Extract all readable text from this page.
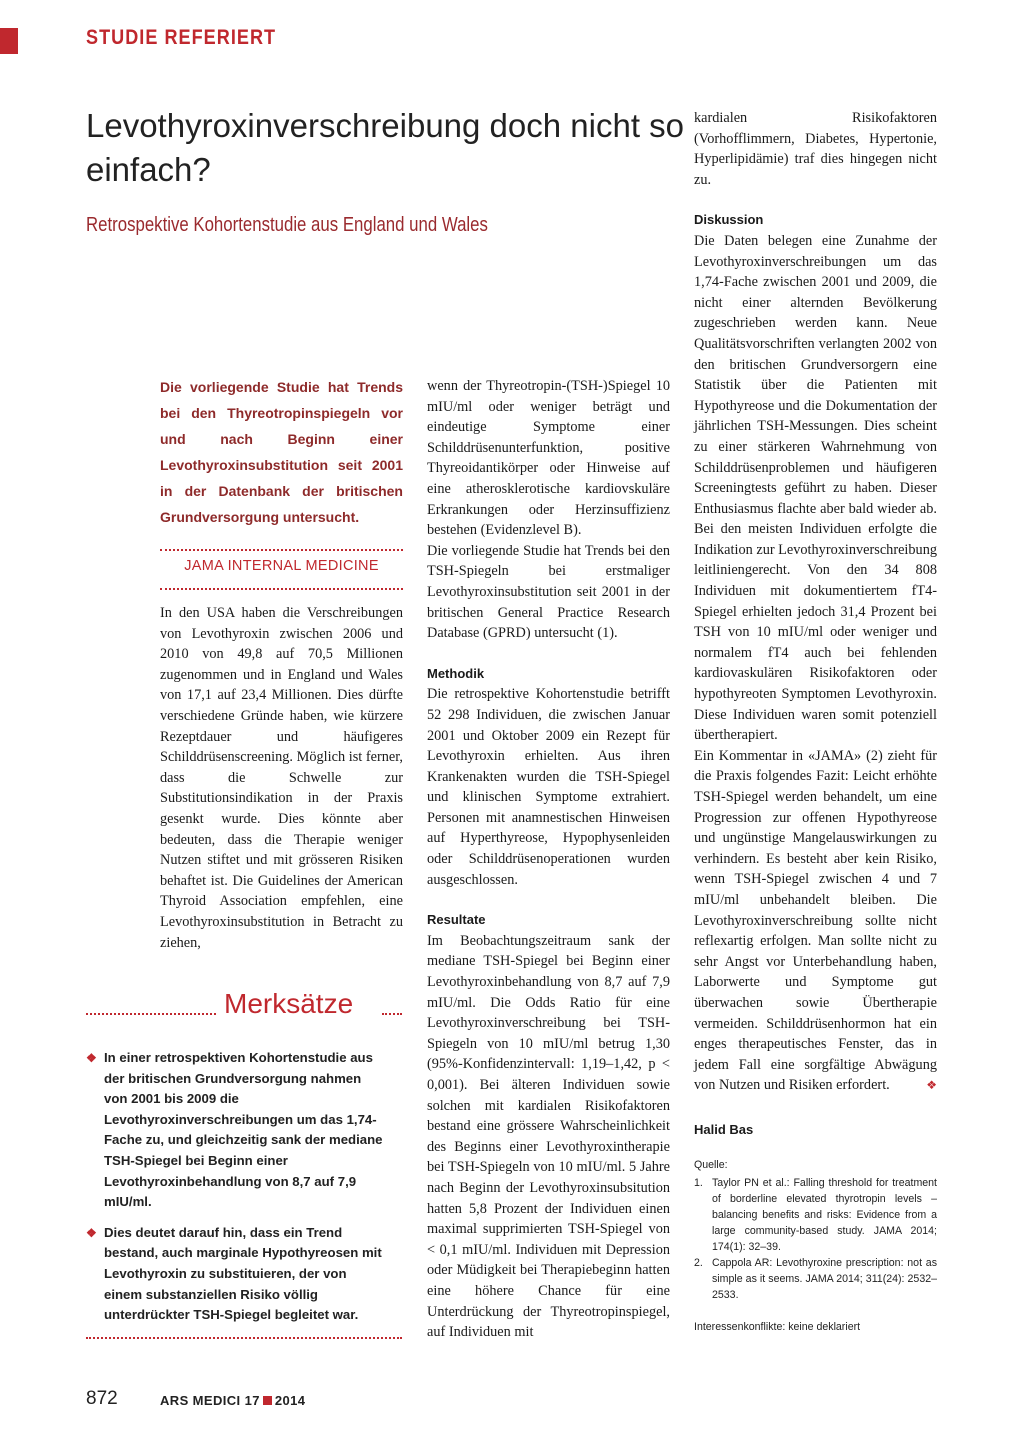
STUDIE REFERIERT
Levothyroxinverschreibung doch nicht so einfach?
Retrospektive Kohortenstudie aus England und Wales
Die vorliegende Studie hat Trends bei den Thyreotropinspiegeln vor und nach Beginn einer Levothyroxinsubstitution seit 2001 in der Datenbank der britischen Grundversorgung untersucht.
JAMA INTERNAL MEDICINE

In den USA haben die Verschreibungen von Levothyroxin zwischen 2006 und 2010 von 49,8 auf 70,5 Millionen zugenommen und in England und Wales von 17,1 auf 23,4 Millionen. Dies dürfte verschiedene Gründe haben, wie kürzere Rezeptdauer und häufigeres Schilddrüsenscreening. Möglich ist ferner, dass die Schwelle zur Substitutionsindikation in der Praxis gesenkt wurde. Dies könnte aber bedeuten, dass die Therapie weniger Nutzen stiftet und mit grösseren Risiken behaftet ist. Die Guidelines der American Thyroid Association empfehlen, eine Levothyroxinsubstitution in Betracht zu ziehen,

wenn der Thyreotropin-(TSH-)Spiegel 10 mIU/ml oder weniger beträgt und eindeutige Symptome einer Schilddrüsenunterfunktion, positive Thyreoidantikörper oder Hinweise auf eine atherosklerotische kardiovskuläre Erkrankungen oder Herzinsuffizienz bestehen (Evidenzlevel B).

Die vorliegende Studie hat Trends bei den TSH-Spiegeln bei erstmaliger Levothyroxinsubstitution seit 2001 in der britischen General Practice Research Database (GPRD) untersucht (1).

Methodik

Die retrospektive Kohortenstudie betrifft 52 298 Individuen, die zwischen Januar 2001 und Oktober 2009 ein Rezept für Levothyroxin erhielten. Aus ihren Krankenakten wurden die TSH-Spiegel und klinischen Symptome extrahiert. Personen mit anamnestischen Hinweisen auf Hyperthyreose, Hypophysenleiden oder Schilddrüsenoperationen wurden ausgeschlossen.

Resultate

Im Beobachtungszeitraum sank der mediane TSH-Spiegel bei Beginn einer Levothyroxinbehandlung von 8,7 auf 7,9 mIU/ml. Die Odds Ratio für eine Levothyroxinverschreibung bei TSH-Spiegeln von 10 mIU/ml betrug 1,30 (95%-Konfidenzintervall: 1,19–1,42, p < 0,001). Bei älteren Individuen sowie solchen mit kardialen Risikofaktoren bestand eine grössere Wahrscheinlichkeit des Beginns einer Levothyroxintherapie bei TSH-Spiegeln von 10 mIU/ml. 5 Jahre nach Beginn der Levothyroxinsubsitution hatten 5,8 Prozent der Individuen einen maximal supprimierten TSH-Spiegel von < 0,1 mIU/ml. Individuen mit Depression oder Müdigkeit bei Therapiebeginn hatten eine höhere Chance für eine Unterdrückung der Thyreotropinspiegel, auf Individuen mit

kardialen Risikofaktoren (Vorhofflimmern, Diabetes, Hypertonie, Hyperlipidämie) traf dies hingegen nicht zu.

Diskussion

Die Daten belegen eine Zunahme der Levothyroxinverschreibungen um das 1,74-Fache zwischen 2001 und 2009, die nicht einer alternden Bevölkerung zugeschrieben werden kann. Neue Qualitätsvorschriften verlangten 2002 von den britischen Grundversorgern eine Statistik über die Patienten mit Hypothyreose und die Dokumentation der jährlichen TSH-Messungen. Dies scheint zu einer stärkeren Wahrnehmung von Schilddrüsenproblemen und häufigeren Screeningtests geführt zu haben. Dieser Enthusiasmus flachte aber bald wieder ab. Bei den meisten Individuen erfolgte die Indikation zur Levothyroxinverschreibung leitliniengerecht. Von den 34 808 Individuen mit dokumentiertem fT4-Spiegel erhielten jedoch 31,4 Prozent bei TSH von 10 mIU/ml oder weniger und normalem fT4 auch bei fehlenden kardiovaskulären Risikofaktoren oder hypothyreoten Symptomen Levothyroxin. Diese Individuen waren somit potenziell übertherapiert.

Ein Kommentar in «JAMA» (2) zieht für die Praxis folgendes Fazit: Leicht erhöhte TSH-Spiegel werden behandelt, um eine Progression zur offenen Hypothyreose und ungünstige Mangelauswirkungen zu verhindern. Es besteht aber kein Risiko, wenn TSH-Spiegel zwischen 4 und 7 mIU/ml unbehandelt bleiben. Die Levothyroxinverschreibung sollte nicht reflexartig erfolgen. Man sollte nicht zu sehr Angst vor Unterbehandlung haben, Laborwerte und Symptome gut überwachen sowie Übertherapie vermeiden. Schilddrüsenhormon hat ein enges therapeutisches Fenster, das in jedem Fall eine sorgfältige Abwägung von Nutzen und Risiken erfordert.	❖

Halid Bas

Quelle:
1. Taylor PN et al.: Falling threshold for treatment of borderline elevated thyrotropin levels – balancing benefits and risks: Evidence from a large community-based study. JAMA 2014; 174(1): 32–39.
2. Cappola AR: Levothyroxine prescription: not as simple as it seems. JAMA 2014; 311(24): 2532–2533.
Interessenkonflikte: keine deklariert
Merksätze
❖ In einer retrospektiven Kohortenstudie aus der britischen Grundversorgung nahmen von 2001 bis 2009 die Levothyroxinverschreibungen um das 1,74-Fache zu, und gleichzeitig sank der mediane TSH-Spiegel bei Beginn einer Levothyroxinbehandlung von 8,7 auf 7,9 mIU/ml.
❖ Dies deutet darauf hin, dass ein Trend bestand, auch marginale Hypothyreosen mit Levothyroxin zu substituieren, der von einem substanziellen Risiko völlig unterdrückter TSH-Spiegel begleitet war.
872	ARS MEDICI 17 2014
